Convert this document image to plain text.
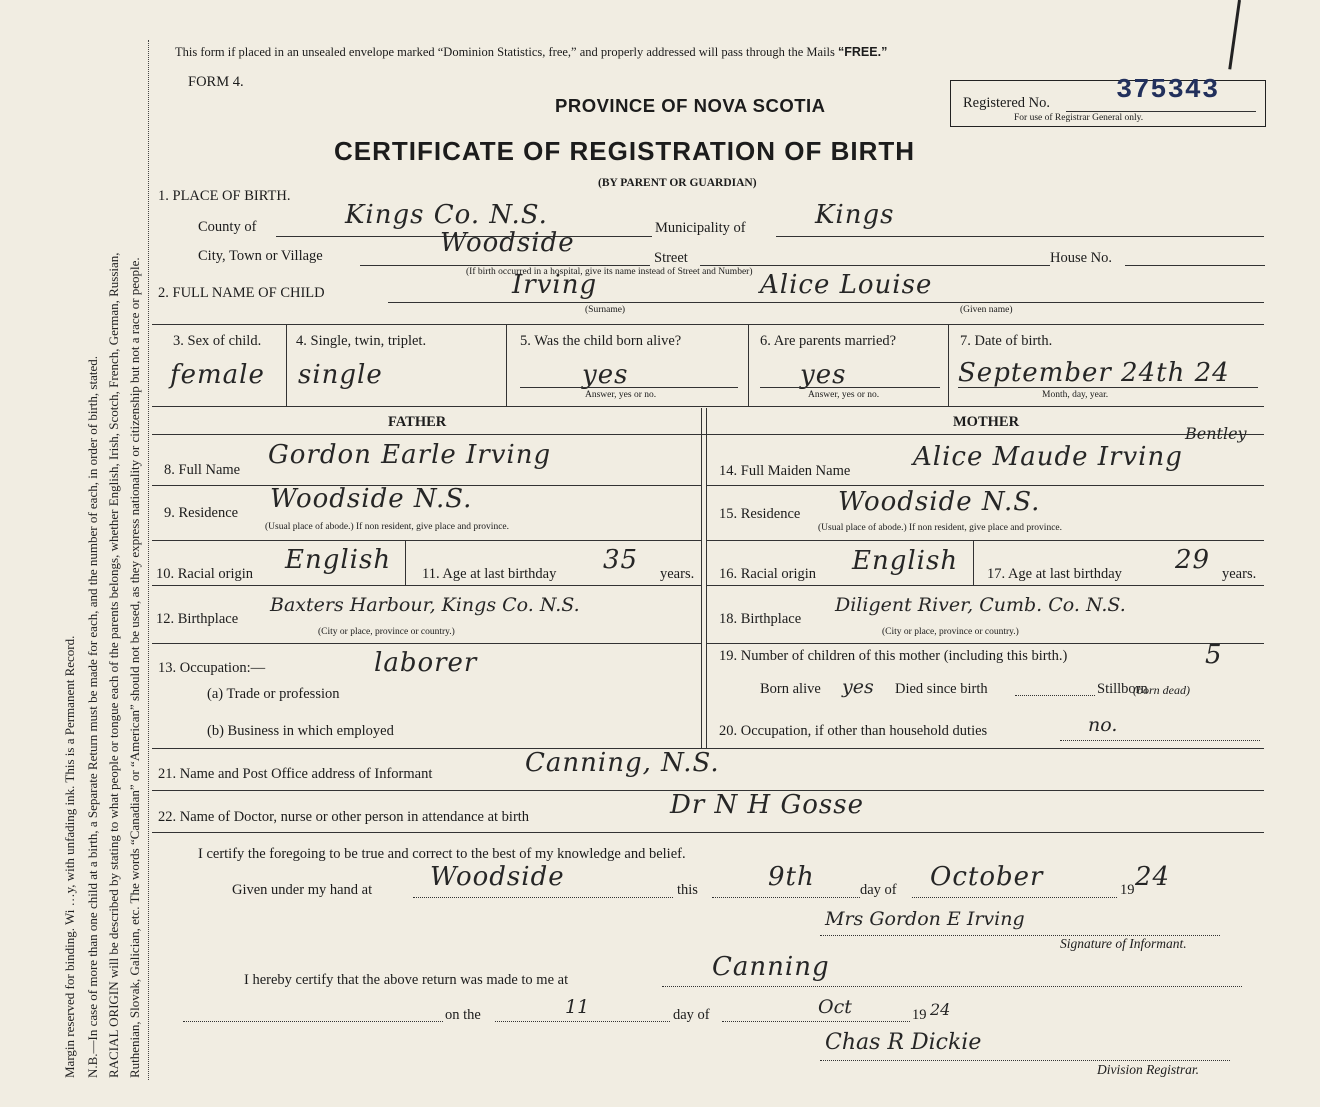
Margin reserved for binding. Wi …y, with unfading ink. This is a Permanent Record. N.B.—In case of more than one child at a birth, a Separate Return must be made for each, and the number of each, in order of birth, stated. RACIAL ORIGIN will be described by stating to what people or tongue each of the parents belongs, whether English, Irish, Scotch, French, German, Russian, Ruthenian, Slovak, Galician, etc. The words “Canadian” or “American” should not be used, as they express nationality or citizenship but not a race or people.
This form if placed in an unsealed envelope marked “Dominion Statistics, free,” and properly addressed will pass through the Mails “FREE.”
FORM 4.
PROVINCE OF NOVA SCOTIA	Registered No. 375343
For use of Registrar General only.
CERTIFICATE OF REGISTRATION OF BIRTH
(BY PARENT OR GUARDIAN)
1. PLACE OF BIRTH.
County of	Kings Co. N.S.	Municipality of	Kings
City, Town or Village	Woodside	Street	House No.
(If birth occurred in a hospital, give its name instead of Street and Number)
2. FULL NAME OF CHILD	Irving	Alice Louise
(Surname)	(Given name)
3. Sex of child.
female
4. Single, twin, triplet.
single
5. Was the child born alive?
yes
Answer, yes or no.
6. Are parents married?
yes
Answer, yes or no.
7. Date of birth.
September 24th 24
Month, day, year.
FATHER	MOTHER
8. Full Name Gordon Earle Irving
9. Residence Woodside N.S.
(Usual place of abode.) If non resident, give place and province.
10. Racial origin English 11. Age at last birthday 35 years.
12. Birthplace
Baxters Harbour, Kings Co. N.S.
(City or place, province or country.)
13. Occupation:—	laborer
(a) Trade or profession
(b) Business in which employed
14. Full Maiden Name Alice Maude Irving
Bentley
15. Residence Woodside N.S.
(Usual place of abode.) If non resident, give place and province.
16. Racial origin English 17. Age at last birthday 29 years.
18. Birthplace
Diligent River, Cumb. Co. N.S.
(City or place, province or country.)
19. Number of children of this mother (including this birth.)	5
Born alive yes Died since birth	Stillborn
(born dead)
20. Occupation, if other than household duties	no.
21. Name and Post Office address of Informant	Canning, N.S.
22. Name of Doctor, nurse or other person in attendance at birth	Dr N H Gosse
I certify the foregoing to be true and correct to the best of my knowledge and belief.
Given under my hand at Woodside	this	9th	day of October	19 24
Mrs Gordon E Irving
Signature of Informant.
I hereby certify that the above return was made to me at	Canning
on the	11	day of	Oct	19 24
Chas R Dickie
Division Registrar.
